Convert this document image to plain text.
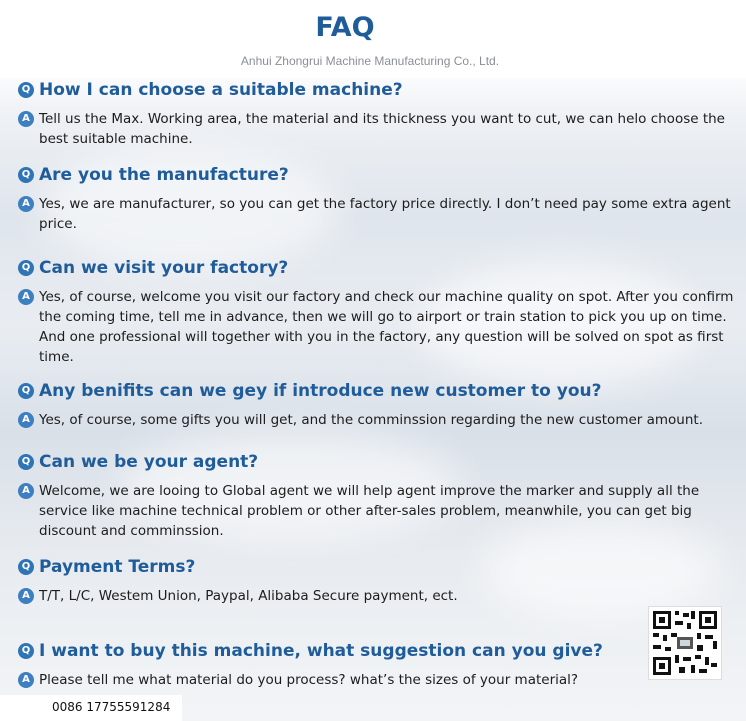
FAQ
Anhui Zhongrui Machine Manufacturing Co., Ltd.
Q How I can choose a suitable machine?
A Tell us the Max. Working area, the material and its thickness you want to cut, we can helo choose the best suitable machine.
Q Are you the manufacture?
A Yes, we are manufacturer, so you can get the factory price directly. I don’t need pay some extra agent price.
Q Can we visit your factory?
A Yes, of course, welcome you visit our factory and check our machine quality on spot. After you confirm the coming time, tell me in advance, then we will go to airport or train station to pick you up on time. And one professional will together with you in the factory, any question will be solved on spot as first time.
Q Any benifits can we gey if introduce new customer to you?
A Yes, of course, some gifts you will get, and the comminssion regarding the new customer amount.
Q Can we be your agent?
A Welcome, we are looing to Global agent we will help agent improve the marker and supply all the service like machine technical problem or other after-sales problem, meanwhile, you can get big discount and comminssion.
Q Payment Terms?
A T/T, L/C, Westem Union, Paypal, Alibaba Secure payment, ect.
Q I want to buy this machine, what suggestion can you give?
A Please tell me what material do you process? what’s the sizes of your material?
0086 17755591284
